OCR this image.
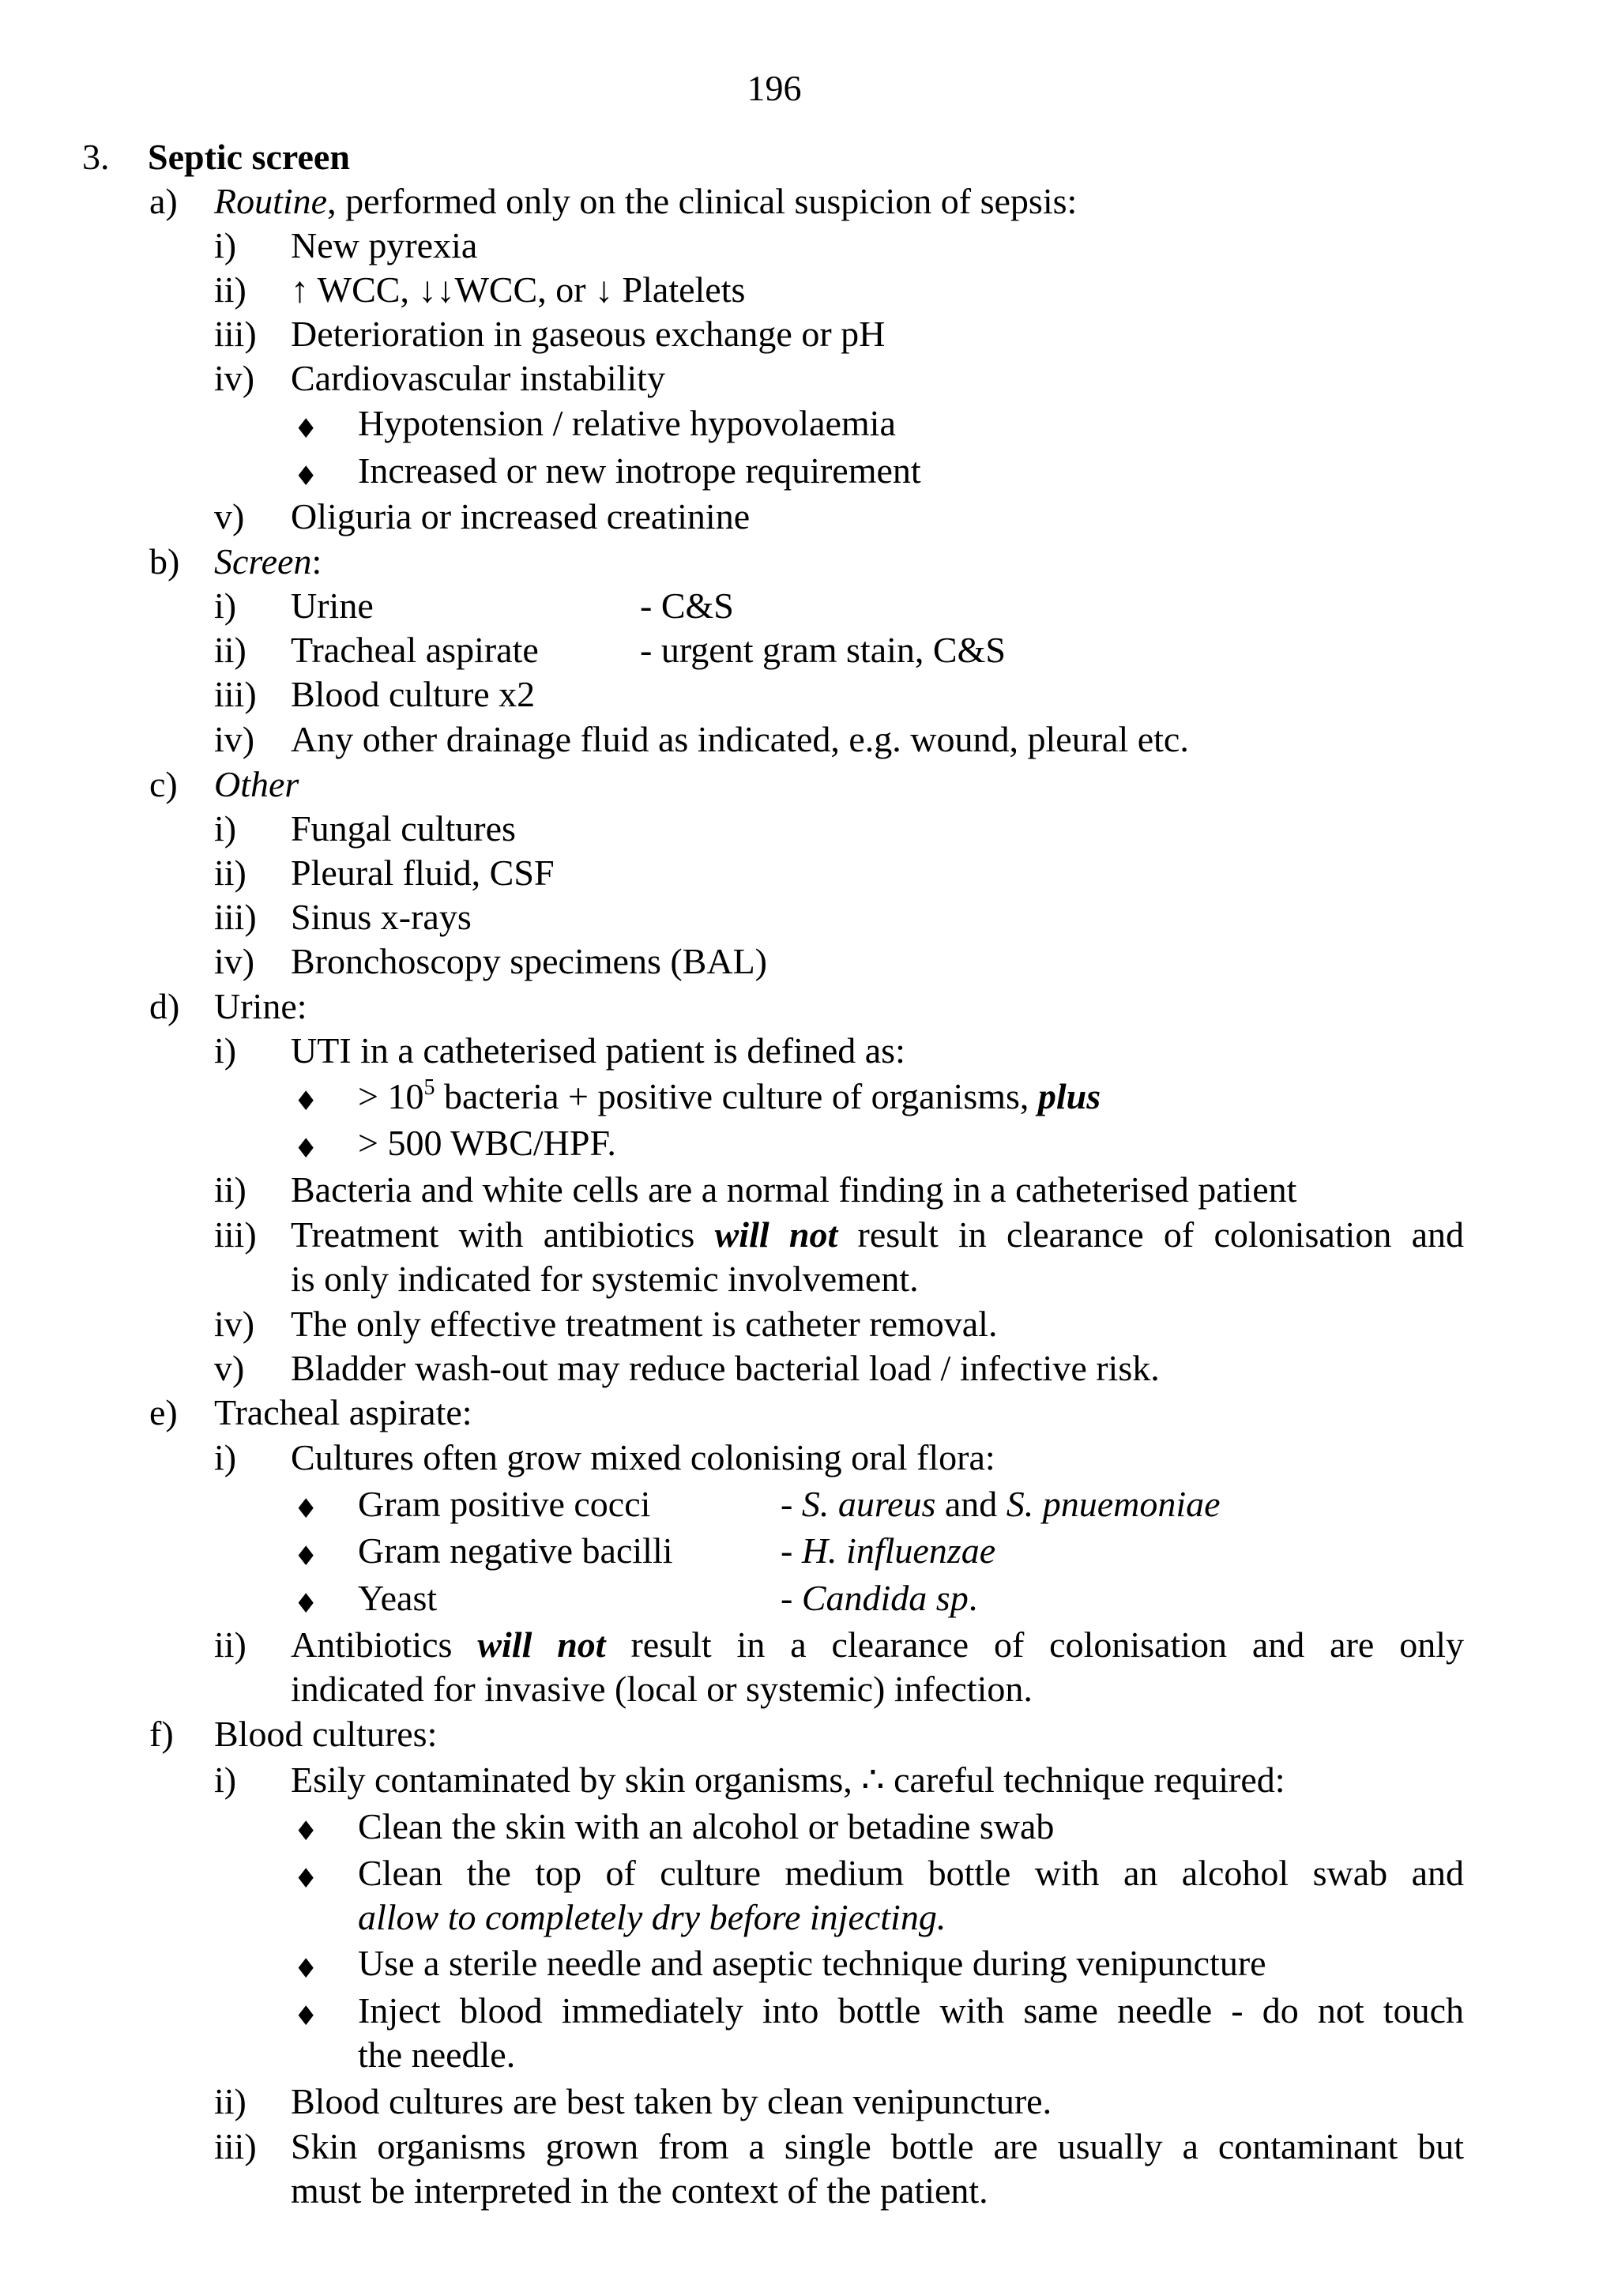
196
3. Septic screen
a) Routine, performed only on the clinical suspicion of sepsis:
i) New pyrexia
ii) ↑ WCC, ↓↓WCC, or ↓ Platelets
iii) Deterioration in gaseous exchange or pH
iv) Cardiovascular instability
♦ Hypotension / relative hypovolaemia
♦ Increased or new inotrope requirement
v) Oliguria or increased creatinine
b) Screen:
i) Urine	- C&S
ii) Tracheal aspirate	- urgent gram stain, C&S
iii) Blood culture x2
iv) Any other drainage fluid as indicated, e.g. wound, pleural etc.
c) Other
i) Fungal cultures
ii) Pleural fluid, CSF
iii) Sinus x-rays
iv) Bronchoscopy specimens (BAL)
d) Urine:
i) UTI in a catheterised patient is defined as:
♦ > $10^5$ bacteria + positive culture of organisms, plus
♦ > 500 WBC/HPF.
ii) Bacteria and white cells are a normal finding in a catheterised patient
iii) Treatment with antibiotics will not result in clearance of colonisation and
is only indicated for systemic involvement.
iv) The only effective treatment is catheter removal.
v) Bladder wash-out may reduce bacterial load / infective risk.
e) Tracheal aspirate:
i) Cultures often grow mixed colonising oral flora:
♦ Gram positive cocci	- S. aureus and S. pnuemoniae
♦ Gram negative bacilli	- H. influenzae
♦ Yeast	- Candida sp.
ii) Antibiotics will not result in a clearance of colonisation and are only
indicated for invasive (local or systemic) infection.
f) Blood cultures:
i) Esily contaminated by skin organisms, ∴ careful technique required:
♦ Clean the skin with an alcohol or betadine swab
♦ Clean the top of culture medium bottle with an alcohol swab and
allow to completely dry before injecting.
♦ Use a sterile needle and aseptic technique during venipuncture
♦ Inject blood immediately into bottle with same needle - do not touch
the needle.
ii) Blood cultures are best taken by clean venipuncture.
iii) Skin organisms grown from a single bottle are usually a contaminant but
must be interpreted in the context of the patient.
